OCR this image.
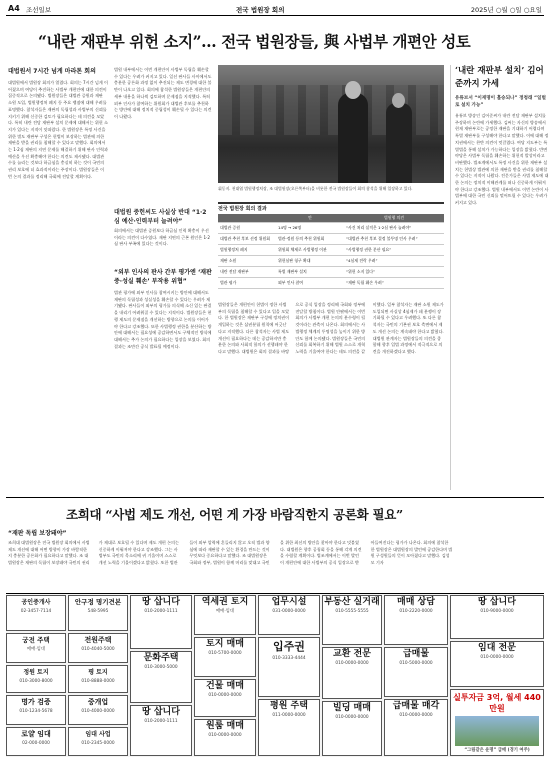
A4 조선일보	전국 법원장 회의	2025년 ○월 ○일 ○요일
“내란 재판부 위헌 소지”… 전국 법원장들, 與 사법부 개편안 성토
대법원서 7시간 넘게 마라톤 회의
대법원에서 법원장 회의가 열렸다. 회의는 7시간 넘게 이어졌으며 여당이 추진하는 사법부 개편안에 대한 의견이 집중적으로 논의됐다. 법원장들은 대법관 증원과 재판 소원 도입, 법원행정처 폐지 등 주요 쟁점에 대해 우려를 표명했다. 참석자들은 재판의 독립성과 사법부의 신뢰를 지키기 위해 신중한 검토가 필요하다는 데 의견을 모았다. 특히 내란 전담 재판부 설치 문제에 대해서는 위헌 소지가 있다는 지적이 잇따랐다. 한 법원장은 특정 사건을 위한 별도 재판부 구성은 헌법이 보장하는 법관에 의한 재판을 받을 권리를 침해할 수 있다고 말했다. 회의에서는 1·2심 재판의 지연 문제를 해결하기 위해 판사 인력과 예산을 우선 확충해야 한다는 의견도 제시됐다. 대법관 수를 늘리는 것보다 하급심을 충실히 하는 것이 국민의 권리 보호에 더 효과적이라는 주장이다. 법원장들은 이번 논의 결과를 정리해 국회에 전달할 계획이다.
법원 내부에서는 이번 개편안이 사법부 독립을 훼손할 수 있다는 우려가 커지고 있다. 일선 판사들 사이에서도 충분한 공론화 과정 없이 추진되는 제도 변경에 대한 불만이 나오고 있다. 회의에 참석한 법원장들은 개편안의 세부 내용을 하나씩 검토하며 문제점을 지적했다. 특히 외부 인사가 참여하는 위원회가 대법관 후보를 추천하는 방안에 대해 정치적 중립성이 훼손될 수 있다는 의견이 나왔다.
대법원 중헌씨도 사실상 반대 “1·2심 예산·인력부터 늘려야”
회의에서는 대법관 증원보다 하급심 인력 확충이 우선이라는 의견이 다수였다. 재판 지연의 근본 원인은 1·2심 판사 부족에 있다는 것이다.
“외부 인사의 판사 간부 평가엔 ‘재판 중·성실 훼손’ 부작용 위협”
법관 평가에 외부 인사를 참여시키는 방안에 대해서도 재판의 독립성과 성실성을 훼손할 수 있다는 우려가 제기됐다. 판사들이 외부의 평가를 의식해 소신 있는 판결을 내리기 어려워질 수 있다는 지적이다. 법원장들은 현행 제도의 문제점을 개선하는 방향으로 논의를 이어가야 한다고 강조했다. 또한 사법행정 권한을 분산하는 방안에 대해서는 필요성에 공감하면서도 구체적인 방식에 대해서는 추가 논의가 필요하다는 입장을 보였다. 회의 결과는 조만간 공식 발표될 예정이다.
휘둥지. 천대엽 법원행정처장, 조 대법원장(오른쪽부터)을 비롯한 전국 법원장들이 회의 참석을 위해 입장하고 있다.
전국 법원장 회의 결과
	안	법원행 의견
대법관 증원	14명 → 26명	“사건 처리 실적은 1·2심 판사 늘려야”
대법관 추천 후보 선정 위원회	법관·정원 등의 추천 위원회	“대법관 추천 후보 결정 불투명 인사 우려”
법원행정처 폐지	위원회 체제로 사법행정 이관	“사법행정 권한 분산 필요”
재판 소원	위헌심판 청구 확대	“4심제 전락 우려”
내란 전담 재판부	특별 재판부 설치	“위헌 소지 있다”
법관 평가	외부 인사 참여	“재판 독립 훼손 우려”
법원장들은 개편안이 헌법이 정한 사법부의 독립을 침해할 수 있다고 입을 모았다. 한 법원장은 재판부 구성에 정치권이 개입하는 것은 삼권분립 원칙에 어긋난다고 지적했다. 다른 참석자는 사법 제도 개선이 필요하다는 데는 공감하지만 충분한 논의와 사회적 합의가 선행돼야 한다고 말했다. 대법원은 회의 결과를 바탕으로 공식 입장을 정리해 국회와 정부에 전달할 방침이다. 법원 안팎에서는 이번 회의가 사법부 개편 논의의 분수령이 될 것이라는 관측이 나온다. 회의에서는 사법행정 체계의 투명성을 높이기 위한 방안도 함께 논의됐다. 법원장들은 국민의 신뢰를 회복하기 위해 법원 스스로 개혁 노력을 기울여야 한다는 데도 의견을 같이했다. 일부 참석자는 재판 소원 제도가 도입되면 사실상 4심제가 돼 분쟁이 장기화될 수 있다고 우려했다. 또 다른 참석자는 국민의 기본권 보호 측면에서 제도 개선 논의는 계속돼야 한다고 밝혔다. 대법원 관계자는 법원장들의 의견을 종합해 향후 입법 과정에서 적극적으로 의견을 개진하겠다고 했다.
‘내란 재판부 설치’ 김어준까지 가세
유튜브서 “이재명이 홀숭되나” 정청래 “일벌로 설치 가능”
유튜브 방송인 김어준씨가 내란 전담 재판부 설치를 주장하며 논란에 가세했다. 김씨는 자신의 방송에서 현재 재판부로는 공정한 재판을 기대하기 어렵다며 특별 재판부를 구성해야 한다고 말했다. 이에 대해 정치권에서는 찬반 의견이 엇갈렸다. 여당 지도부는 특별법을 통해 설치가 가능하다는 입장을 밝혔다. 반면 야당은 사법부 독립을 훼손하는 위헌적 발상이라고 비판했다. 법조계에서도 특정 사건을 위한 재판부 설치는 헌법상 법관에 의한 재판을 받을 권리를 침해할 수 있다는 지적이 나왔다. 전문가들은 사법 제도에 대한 논의는 정치적 이해관계를 떠나 신중하게 이뤄져야 한다고 강조했다. 법원 내부에서도 이번 논란이 사법부에 대한 국민 신뢰를 떨어뜨릴 수 있다는 우려가 커지고 있다.
조희대 “사법 제도 개선, 어떤 게 가장 바람직한지 공론화 필요”
“재판 독립 보장돼야”
조희대 대법원장은 전국 법원장 회의에서 사법 제도 개선에 대해 어떤 방향이 가장 바람직한지 충분한 공론화가 필요하다고 말했다. 조 대법원장은 재판의 독립이 보장돼야 국민의 권리가 제대로 보호될 수 있다며 제도 개편 논의는 신중하게 이뤄져야 한다고 강조했다. 그는 사법부도 국민의 목소리에 귀 기울이며 스스로 개선 노력을 기울이겠다고 밝혔다. 또한 법관들이 외부 압력에 흔들리지 않고 오직 법과 양심에 따라 재판할 수 있는 환경을 만드는 것이 무엇보다 중요하다고 말했다. 조 대법원장은 국회와 정부, 법원이 함께 머리를 맞대고 국민을 위한 최선의 방안을 찾아야 한다고 덧붙였다. 대법원은 향후 공청회 등을 통해 각계 의견을 수렴할 계획이다. 법조계에서는 이번 발언이 개편안에 대한 사법부의 공식 입장으로 받아들여진다는 평가가 나온다. 회의에 참석한 한 법원장은 대법원장의 발언에 공감한다며 법원 구성원들의 뜻이 모아졌다고 말했다. 김성모 기자
공인중개사
02-3457-7114
안구정 명기견본
548-5995
궁전 주택
매매·임대
전원주택
010-4040-5000
정원 토지
010-3000-8000
평 토지
010-8888-0000
명가 검증
010-1234-5678
중개업
010-4000-0000
로얄 임대
02-000-0000
임대 사업
010-2345-0000
땅 삽니다
010-2000-1111
문화주택
010-3000-5000
땅 삽니다
010-2000-1111
역세권 토지
매매·임대
토지 매매
010-5700-0000
건물 매매
010-0000-0000
원룸 매매
010-0000-0000
업무시설
031-0000-0000
입주권
010-3333-4444
평원 주택
011-0000-0000
부동산 실거래
010-5555-5555
교환 전문
010-0000-0000
빌딩 매매
010-0000-0000
매매 상담
010-2220-0000
급매물
010-5000-0000
급매물 매각
010-0000-0000
땅 삽니다
010-9000-0000
임대 전문
010-0000-0000
실투자금 3억, 월세 440만원
“그림같은 운명” 급매 (경기 여주)
